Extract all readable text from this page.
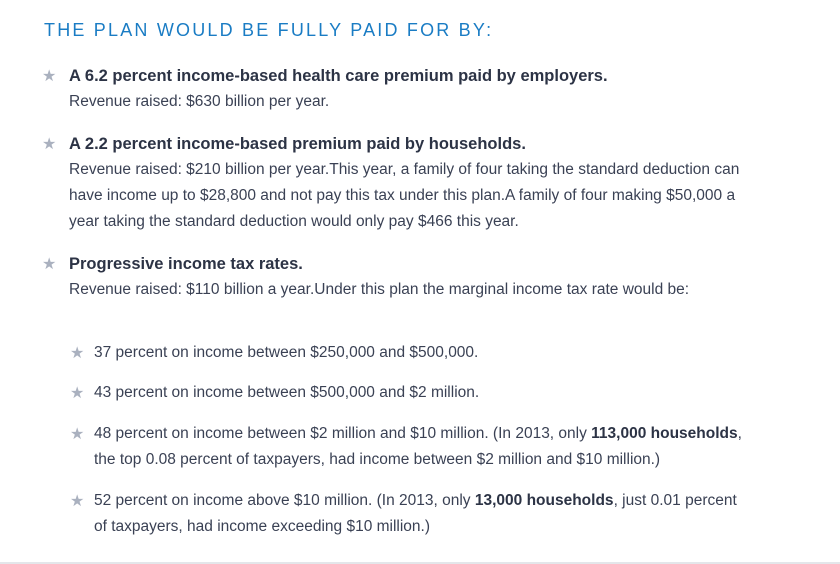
THE PLAN WOULD BE FULLY PAID FOR BY:
★ A 6.2 percent income-based health care premium paid by employers.
Revenue raised: $630 billion per year.
★ A 2.2 percent income-based premium paid by households.
Revenue raised: $210 billion per year.This year, a family of four taking the standard deduction can
have income up to $28,800 and not pay this tax under this plan.A family of four making $50,000 a
year taking the standard deduction would only pay $466 this year.
★ Progressive income tax rates.
Revenue raised: $110 billion a year.Under this plan the marginal income tax rate would be:
★ 37 percent on income between $250,000 and $500,000.
★ 43 percent on income between $500,000 and $2 million.
★ 48 percent on income between $2 million and $10 million. (In 2013, only 113,000 households,
the top 0.08 percent of taxpayers, had income between $2 million and $10 million.)
★ 52 percent on income above $10 million. (In 2013, only 13,000 households, just 0.01 percent
of taxpayers, had income exceeding $10 million.)
